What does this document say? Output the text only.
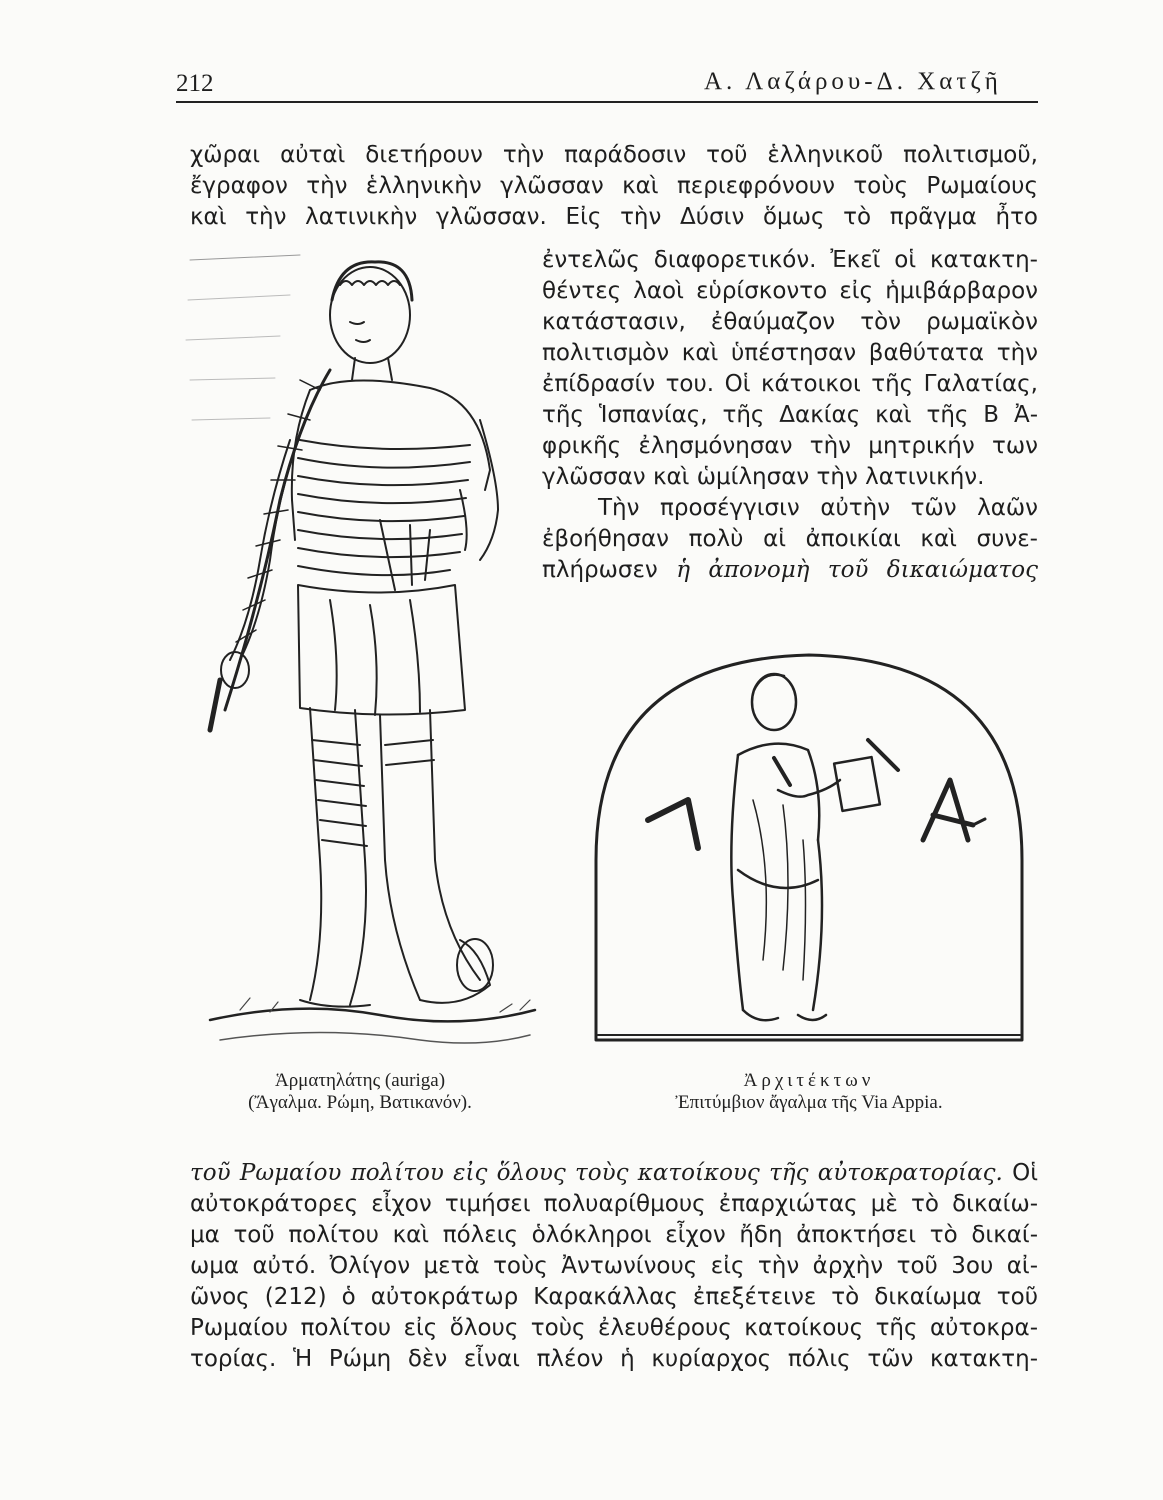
212	Α. Λαζάρου-Δ. Χατζῆ
χῶραι αὐταὶ διετήρουν τὴν παράδοσιν τοῦ ἑλληνικοῦ πολιτισμοῦ,
ἔγραφον τὴν ἑλληνικὴν γλῶσσαν καὶ περιεφρόνουν τοὺς Ρωμαίους
καὶ τὴν λατινικὴν γλῶσσαν. Εἰς τὴν Δύσιν ὅμως τὸ πρᾶγμα ἦτο
ἐντελῶς διαφορετικόν. Ἐκεῖ οἱ κατακτη-
θέντες λαοὶ εὑρίσκοντο εἰς ἡμιβάρβαρον
κατάστασιν, ἐθαύμαζον τὸν ρωμαϊκὸν
πολιτισμὸν καὶ ὑπέστησαν βαθύτατα τὴν
ἐπίδρασίν του. Οἱ κάτοικοι τῆς Γαλατίας,
τῆς Ἱσπανίας, τῆς Δακίας καὶ τῆς Β Ἀ-
φρικῆς ἐλησμόνησαν τὴν μητρικήν των
γλῶσσαν καὶ ὡμίλησαν τὴν λατινικήν.
Τὴν προσέγγισιν αὐτὴν τῶν λαῶν
ἐβοήθησαν πολὺ αἱ ἀποικίαι καὶ συνε-
πλήρωσεν ἡ ἀπονομὴ τοῦ δικαιώματος
Ἁρματηλάτης (auriga)
(Ἄγαλμα. Ρώμη, Βατικανόν).
Ἀρχιτέκτων
Ἐπιτύμβιον ἄγαλμα τῆς Via Appia.
τοῦ Ρωμαίου πολίτου εἰς ὅλους τοὺς κατοίκους τῆς αὐτοκρατορίας. Οἱ
αὐτοκράτορες εἶχον τιμήσει πολυαρίθμους ἐπαρχιώτας μὲ τὸ δικαίω-
μα τοῦ πολίτου καὶ πόλεις ὁλόκληροι εἶχον ἤδη ἀποκτήσει τὸ δικαί-
ωμα αὐτό. Ὀλίγον μετὰ τοὺς Ἀντωνίνους εἰς τὴν ἀρχὴν τοῦ 3ου αἰ-
ῶνος (212) ὁ αὐτοκράτωρ Καρακάλλας ἐπεξέτεινε τὸ δικαίωμα τοῦ
Ρωμαίου πολίτου εἰς ὅλους τοὺς ἐλευθέρους κατοίκους τῆς αὐτοκρα-
τορίας. Ἡ Ρώμη δὲν εἶναι πλέον ἡ κυρίαρχος πόλις τῶν κατακτη-
